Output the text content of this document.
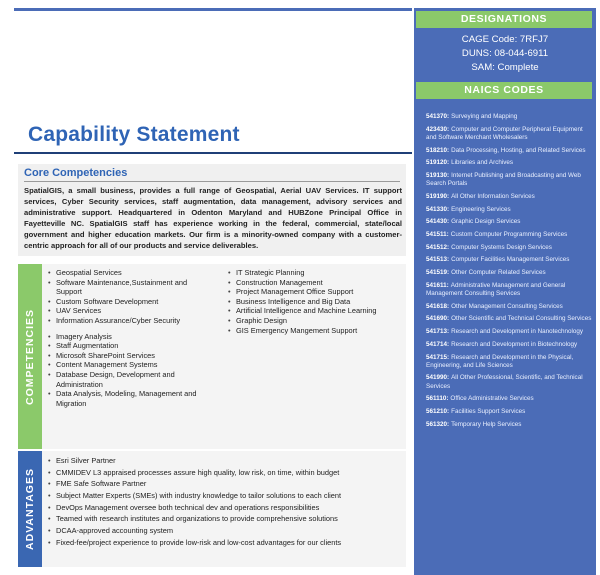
Capability Statement
Core Competencies

SpatialGIS, a small business, provides a full range of Geospatial, Aerial UAV Services. IT support services, Cyber Security services, staff augmentation, data management, advisory services and administrative support. Headquartered in Odenton Maryland and HUBZone Principal Office in Fayetteville NC. SpatialGIS staff has experience working in the federal, commercial, state/local government and higher education markets. Our firm is a minority-owned company with a customer-centric approach for all of our products and service deliverables.

COMPETENCIES
• Geospatial Services
• Software Maintenance,Sustainment and Support
• Custom Software Development
• UAV Services
• Information Assurance/Cyber Security
• Imagery Analysis
• Staff Augmentation
• Microsoft SharePoint Services
• Content Management Systems
• Database Design, Development and Administration
• Data Analysis, Modeling, Management and Migration
• IT Strategic Planning
• Construction Management
• Project Management Office Support
• Business Intelligence and Big Data
• Artificial Intelligence and Machine Learning
• Graphic Design
• GIS Emergency Mangement Support
ADVANTAGES
• Esri Silver Partner
• CMMIDEV L3 appraised processes assure high quality, low risk, on time, within budget
• FME Safe Software Partner
• Subject Matter Experts (SMEs) with industry knowledge to tailor solutions to each client
• DevOps Management oversee both technical dev and operations responsibilities
• Teamed with research institutes and organizations to provide comprehensive solutions
• DCAA-approved accounting system
• Fixed-fee/project experience to provide low-risk and low-cost advantages for our clients
DESIGNATIONS
CAGE Code: 7RFJ7
DUNS: 08-044-6911
SAM: Complete
NAICS CODES
541370: Surveying and Mapping
423430: Computer and Computer Peripheral Equipment and Software Merchant Wholesalers
518210: Data Processing, Hosting, and Related Services
519120: Libraries and Archives
519130: Internet Publishing and Broadcasting and Web Search Portals
519190: All Other Information Services
541330: Engineering Services
541430: Graphic Design Services
541511: Custom Computer Programming Services
541512: Computer Systems Design Services
541513: Computer Facilities Management Services
541519: Other Computer Related Services
541611: Administrative Management and General Management Consulting Services
541618: Other Management Consulting Services
541690: Other Scientific and Technical Consulting Services
541713: Research and Development in Nanotechnology
541714: Research and Development in Biotechnology
541715: Research and Development in the Physical, Engineering, and Life Sciences
541990: All Other Professional, Scientific, and Technical Services
561110: Office Administrative Services
561210: Facilities Support Services
561320: Temporary Help Services
